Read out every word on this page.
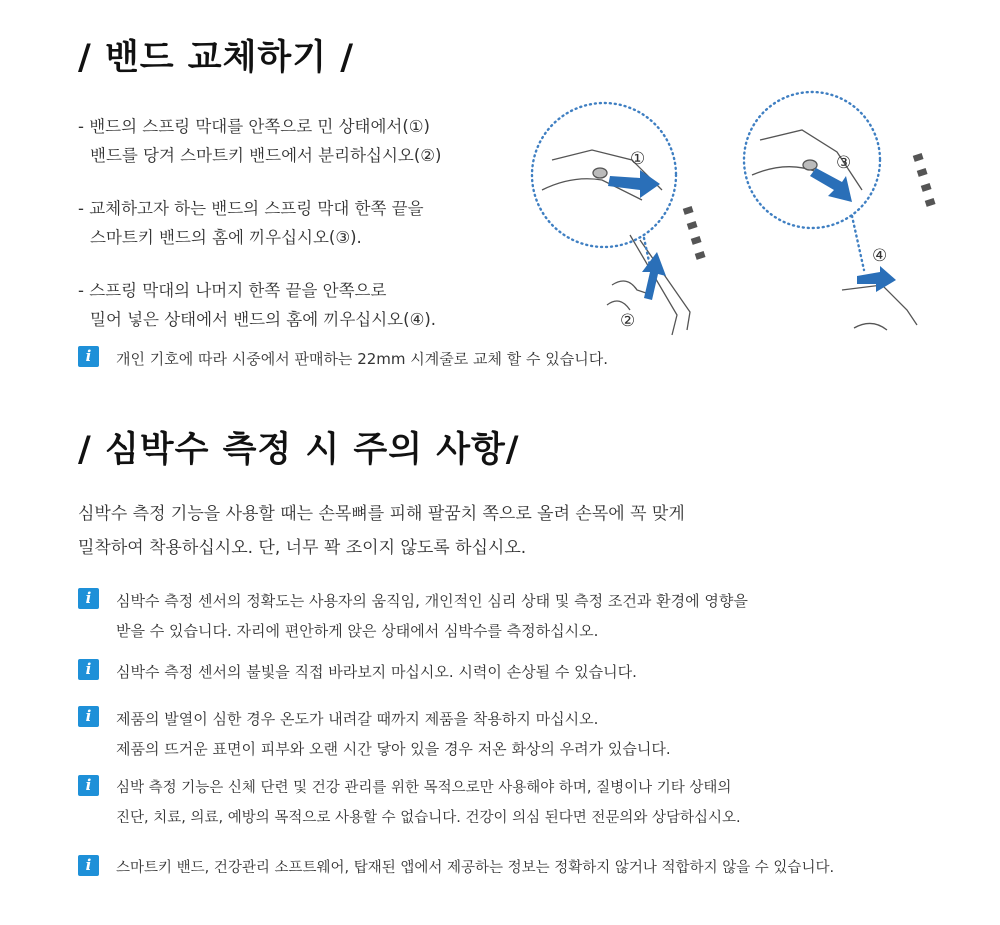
/ 밴드 교체하기 /
- 밴드의 스프링 막대를 안쪽으로 민 상태에서(①)
밴드를 당겨 스마트키 밴드에서 분리하십시오(②)
- 교체하고자 하는 밴드의 스프링 막대 한쪽 끝을
스마트키 밴드의 홈에 끼우십시오(③).
- 스프링 막대의 나머지 한쪽 끝을 안쪽으로
밀어 넣은 상태에서 밴드의 홈에 끼우십시오(④).
①
②
③
④
i	개인 기호에 따라 시중에서 판매하는 22mm 시계줄로 교체 할 수 있습니다.
/ 심박수 측정 시 주의 사항/
심박수 측정 기능을 사용할 때는 손목뼈를 피해 팔꿈치 쪽으로 올려 손목에 꼭 맞게
밀착하여 착용하십시오. 단, 너무 꽉 조이지 않도록 하십시오.
i	심박수 측정 센서의 정확도는 사용자의 움직임, 개인적인 심리 상태 및 측정 조건과 환경에 영향을
받을 수 있습니다. 자리에 편안하게 앉은 상태에서 심박수를 측정하십시오.
i	심박수 측정 센서의 불빛을 직접 바라보지 마십시오. 시력이 손상될 수 있습니다.
i	제품의 발열이 심한 경우 온도가 내려갈 때까지 제품을 착용하지 마십시오.
제품의 뜨거운 표면이 피부와 오랜 시간 닿아 있을 경우 저온 화상의 우려가 있습니다.
i	심박 측정 기능은 신체 단련 및 건강 관리를 위한 목적으로만 사용해야 하며, 질병이나 기타 상태의
진단, 치료, 의료, 예방의 목적으로 사용할 수 없습니다. 건강이 의심 된다면 전문의와 상담하십시오.
i	스마트키 밴드, 건강관리 소프트웨어, 탑재된 앱에서 제공하는 정보는 정확하지 않거나 적합하지 않을 수 있습니다.
